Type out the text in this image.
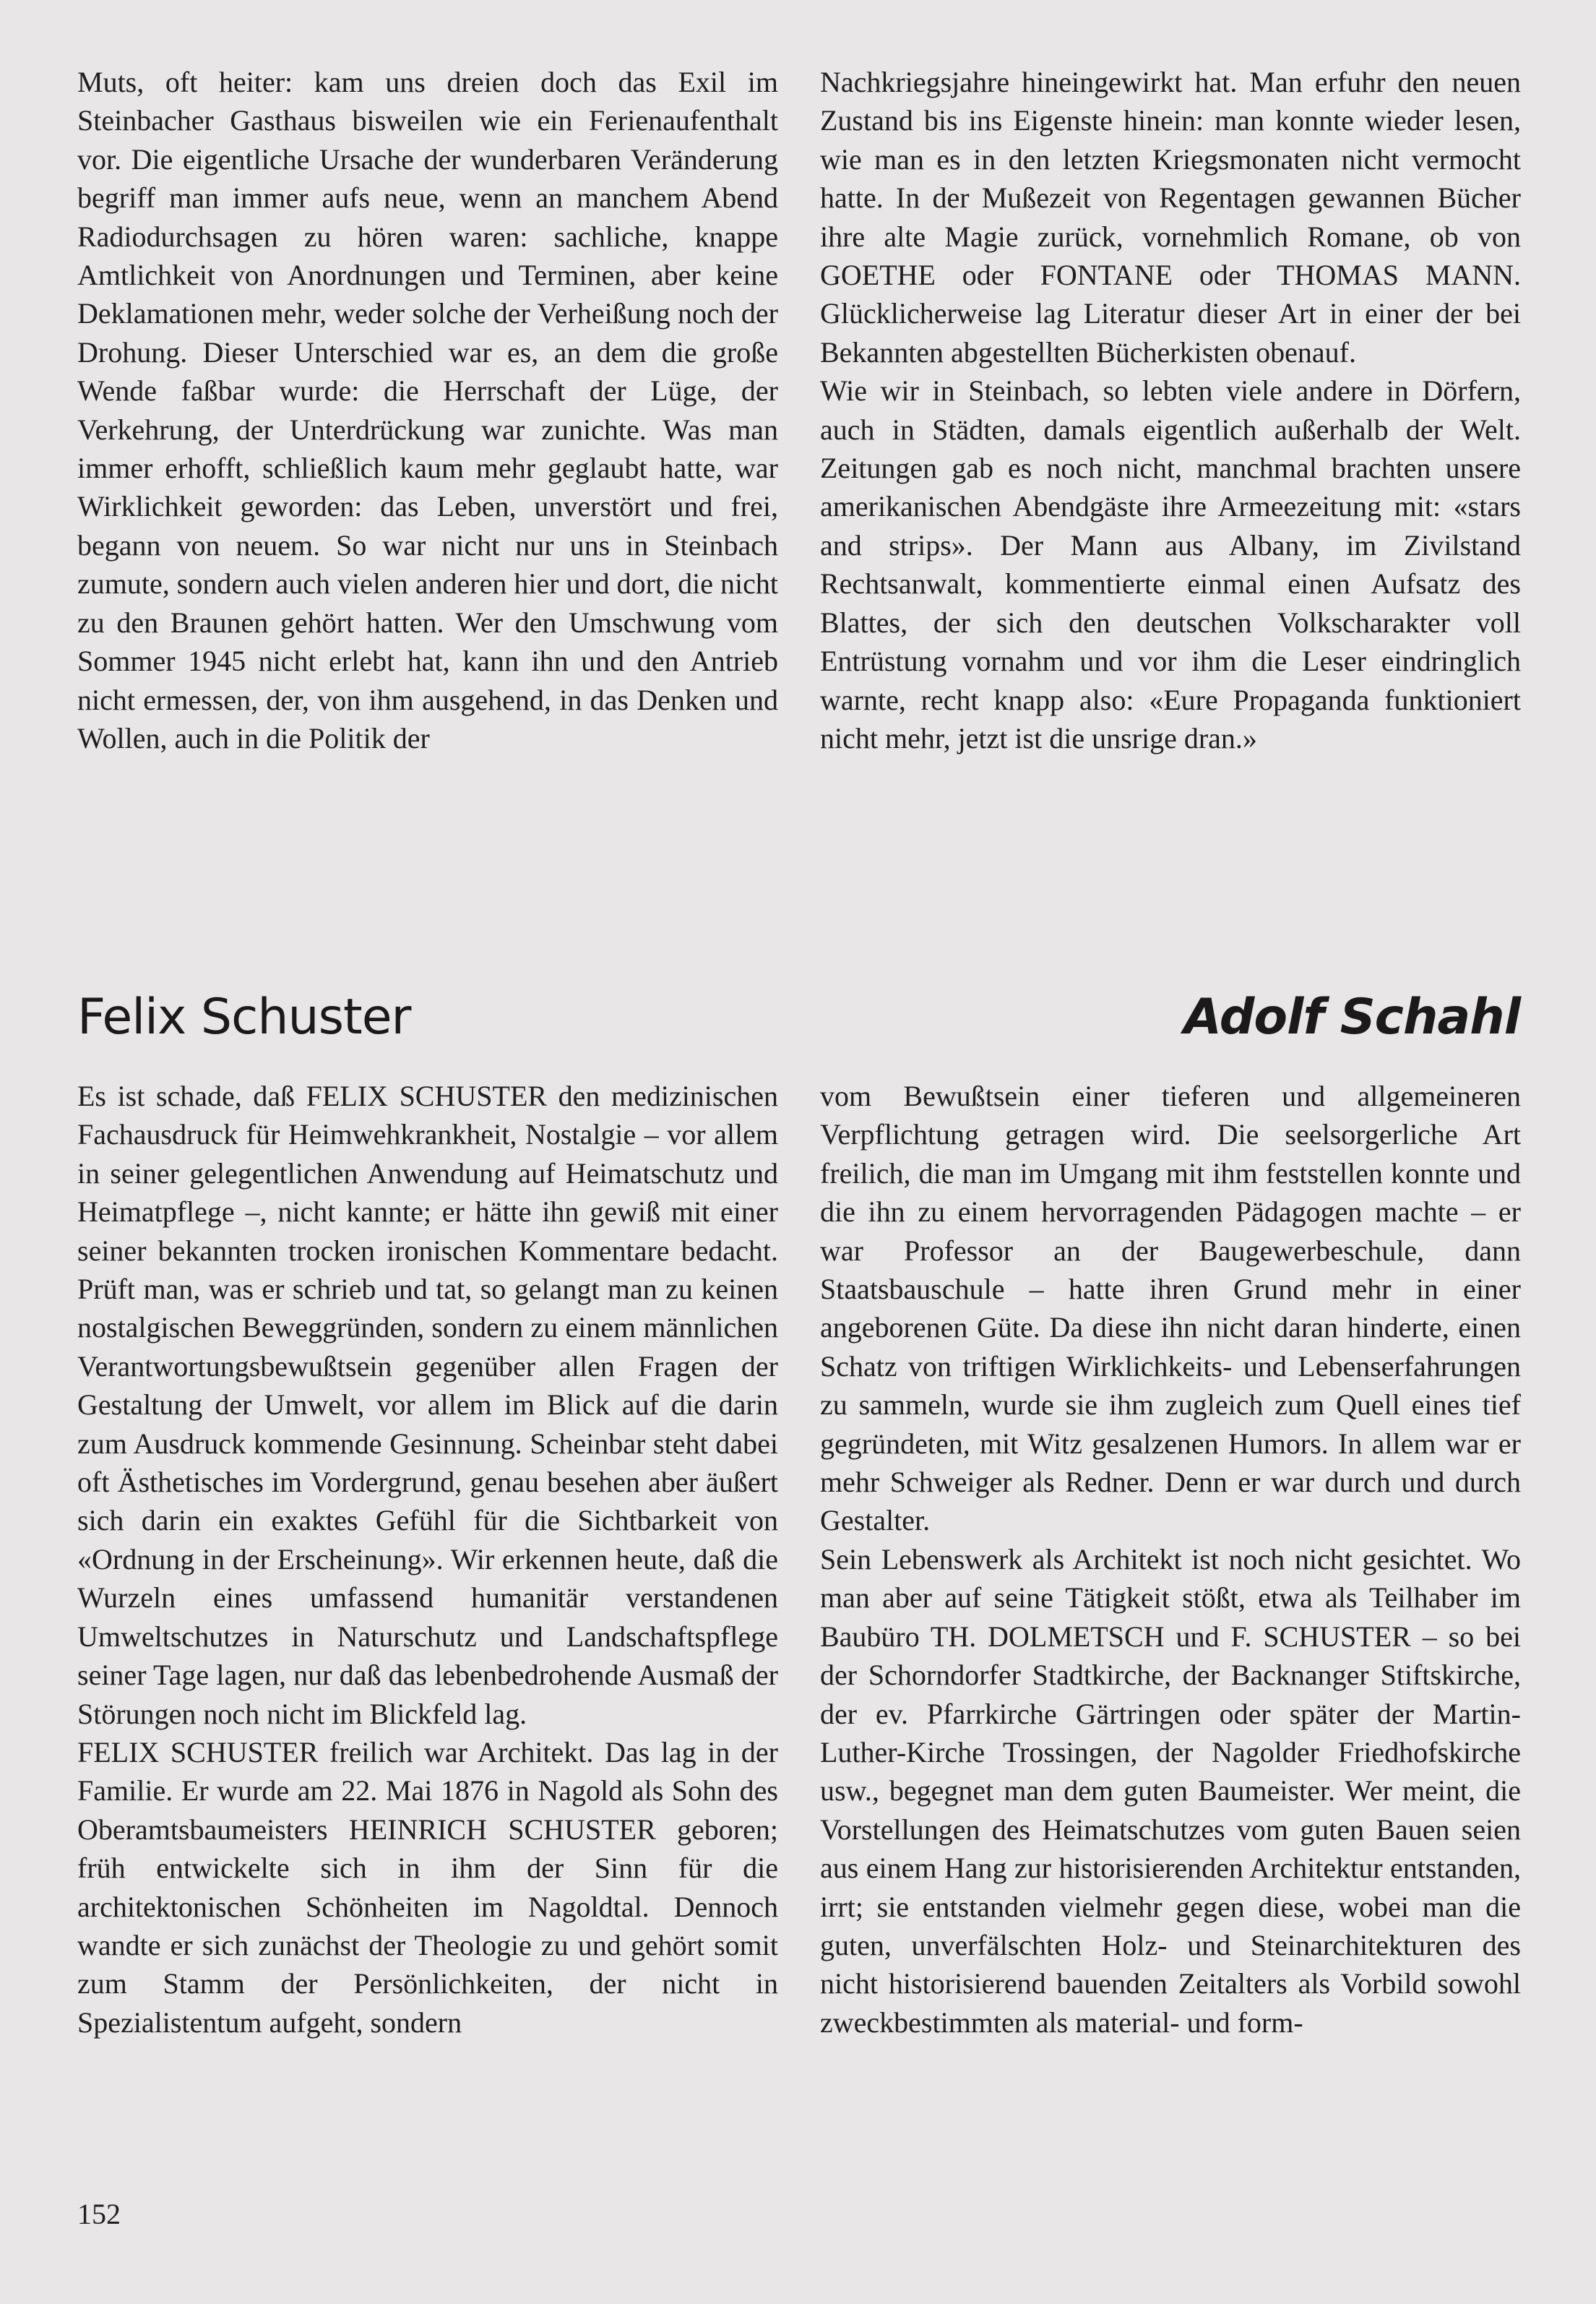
Muts, oft heiter: kam uns dreien doch das Exil im Steinbacher Gasthaus bisweilen wie ein Ferienaufenthalt vor. Die eigentliche Ursache der wunderbaren Veränderung begriff man immer aufs neue, wenn an manchem Abend Radiodurchsagen zu hören waren: sachliche, knappe Amtlichkeit von Anordnungen und Terminen, aber keine Deklamationen mehr, weder solche der Verheißung noch der Drohung. Dieser Unterschied war es, an dem die große Wende faßbar wurde: die Herrschaft der Lüge, der Verkehrung, der Unterdrückung war zunichte. Was man immer erhofft, schließlich kaum mehr geglaubt hatte, war Wirklichkeit geworden: das Leben, unverstört und frei, begann von neuem. So war nicht nur uns in Steinbach zumute, sondern auch vielen anderen hier und dort, die nicht zu den Braunen gehört hatten. Wer den Umschwung vom Sommer 1945 nicht erlebt hat, kann ihn und den Antrieb nicht ermessen, der, von ihm ausgehend, in das Denken und Wollen, auch in die Politik der

Nachkriegsjahre hineingewirkt hat. Man erfuhr den neuen Zustand bis ins Eigenste hinein: man konnte wieder lesen, wie man es in den letzten Kriegsmonaten nicht vermocht hatte. In der Mußezeit von Regentagen gewannen Bücher ihre alte Magie zurück, vornehmlich Romane, ob von GOETHE oder FONTANE oder THOMAS MANN. Glücklicherweise lag Literatur dieser Art in einer der bei Bekannten abgestellten Bücherkisten obenauf.

Wie wir in Steinbach, so lebten viele andere in Dörfern, auch in Städten, damals eigentlich außerhalb der Welt. Zeitungen gab es noch nicht, manchmal brachten unsere amerikanischen Abendgäste ihre Armeezeitung mit: «stars and strips». Der Mann aus Albany, im Zivilstand Rechtsanwalt, kommentierte einmal einen Aufsatz des Blattes, der sich den deutschen Volkscharakter voll Entrüstung vornahm und vor ihm die Leser eindringlich warnte, recht knapp also: «Eure Propaganda funktioniert nicht mehr, jetzt ist die unsrige dran.»

Felix Schuster	Adolf Schahl

Es ist schade, daß FELIX SCHUSTER den medizinischen Fachausdruck für Heimwehkrankheit, Nostalgie – vor allem in seiner gelegentlichen Anwendung auf Heimatschutz und Heimatpflege –, nicht kannte; er hätte ihn gewiß mit einer seiner bekannten trocken ironischen Kommentare bedacht. Prüft man, was er schrieb und tat, so gelangt man zu keinen nostalgischen Beweggründen, sondern zu einem männlichen Verantwortungsbewußtsein gegenüber allen Fragen der Gestaltung der Umwelt, vor allem im Blick auf die darin zum Ausdruck kommende Gesinnung. Scheinbar steht dabei oft Ästhetisches im Vordergrund, genau besehen aber äußert sich darin ein exaktes Gefühl für die Sichtbarkeit von «Ordnung in der Erscheinung». Wir erkennen heute, daß die Wurzeln eines umfassend humanitär verstandenen Umweltschutzes in Naturschutz und Landschaftspflege seiner Tage lagen, nur daß das lebenbedrohende Ausmaß der Störungen noch nicht im Blickfeld lag.

FELIX SCHUSTER freilich war Architekt. Das lag in der Familie. Er wurde am 22. Mai 1876 in Nagold als Sohn des Oberamtsbaumeisters HEINRICH SCHUSTER geboren; früh entwickelte sich in ihm der Sinn für die architektonischen Schönheiten im Nagoldtal. Dennoch wandte er sich zunächst der Theologie zu und gehört somit zum Stamm der Persönlichkeiten, der nicht in Spezialistentum aufgeht, sondern

vom Bewußtsein einer tieferen und allgemeineren Verpflichtung getragen wird. Die seelsorgerliche Art freilich, die man im Umgang mit ihm feststellen konnte und die ihn zu einem hervorragenden Pädagogen machte – er war Professor an der Baugewerbeschule, dann Staatsbauschule – hatte ihren Grund mehr in einer angeborenen Güte. Da diese ihn nicht daran hinderte, einen Schatz von triftigen Wirklichkeits- und Lebenserfahrungen zu sammeln, wurde sie ihm zugleich zum Quell eines tief gegründeten, mit Witz gesalzenen Humors. In allem war er mehr Schweiger als Redner. Denn er war durch und durch Gestalter.

Sein Lebenswerk als Architekt ist noch nicht gesichtet. Wo man aber auf seine Tätigkeit stößt, etwa als Teilhaber im Baubüro TH. DOLMETSCH und F. SCHUSTER – so bei der Schorndorfer Stadtkirche, der Backnanger Stiftskirche, der ev. Pfarrkirche Gärtringen oder später der Martin-Luther-Kirche Trossingen, der Nagolder Friedhofskirche usw., begegnet man dem guten Baumeister. Wer meint, die Vorstellungen des Heimatschutzes vom guten Bauen seien aus einem Hang zur historisierenden Architektur entstanden, irrt; sie entstanden vielmehr gegen diese, wobei man die guten, unverfälschten Holz- und Steinarchitekturen des nicht historisierend bauenden Zeitalters als Vorbild sowohl zweckbestimmten als material- und form-

152
